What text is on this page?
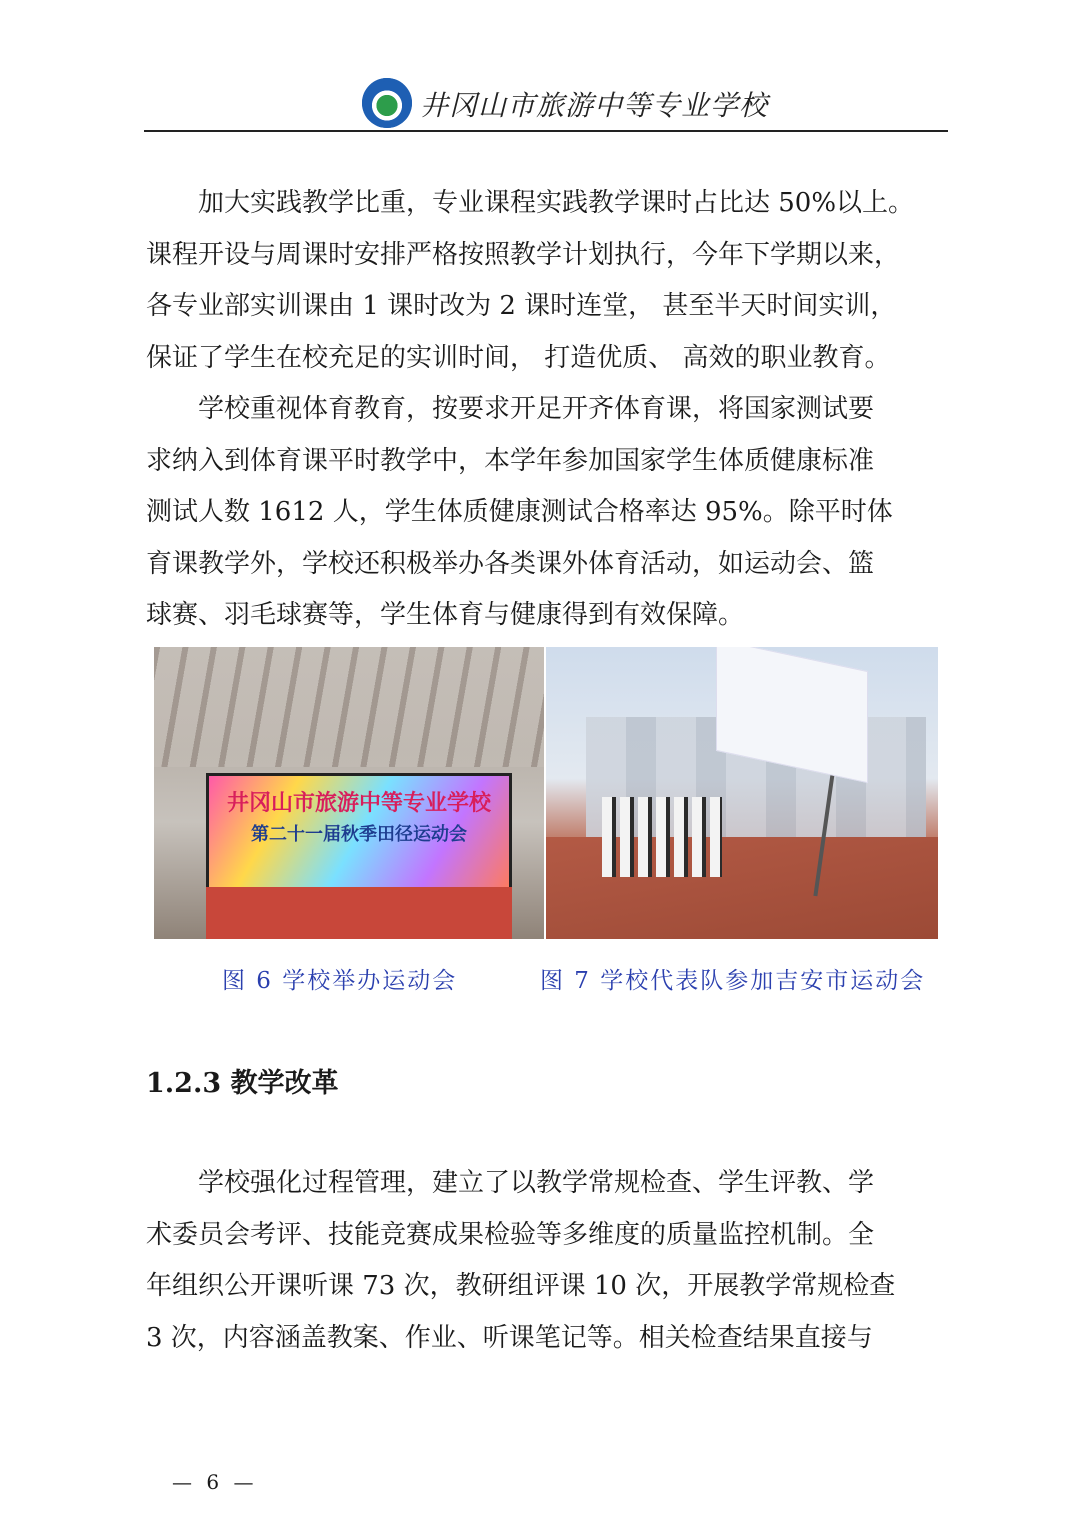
井冈山市旅游中等专业学校
　　加大实践教学比重，专业课程实践教学课时占比达 50%以上。
课程开设与周课时安排严格按照教学计划执行，今年下学期以来，
各专业部实训课由 1 课时改为 2 课时连堂， 甚至半天时间实训，
保证了学生在校充足的实训时间， 打造优质、 高效的职业教育。
　　学校重视体育教育，按要求开足开齐体育课，将国家测试要
求纳入到体育课平时教学中，本学年参加国家学生体质健康标准
测试人数 1612 人，学生体质健康测试合格率达 95%。除平时体
育课教学外，学校还积极举办各类课外体育活动，如运动会、篮
球赛、羽毛球赛等，学生体育与健康得到有效保障。
井冈山市旅游中等专业学校
第二十一届秋季田径运动会
图 6 学校举办运动会	图 7 学校代表队参加吉安市运动会
1.2.3 教学改革
　　学校强化过程管理，建立了以教学常规检查、学生评教、学
术委员会考评、技能竞赛成果检验等多维度的质量监控机制。全
年组织公开课听课 73 次，教研组评课 10 次，开展教学常规检查
3 次，内容涵盖教案、作业、听课笔记等。相关检查结果直接与
— 6 —
